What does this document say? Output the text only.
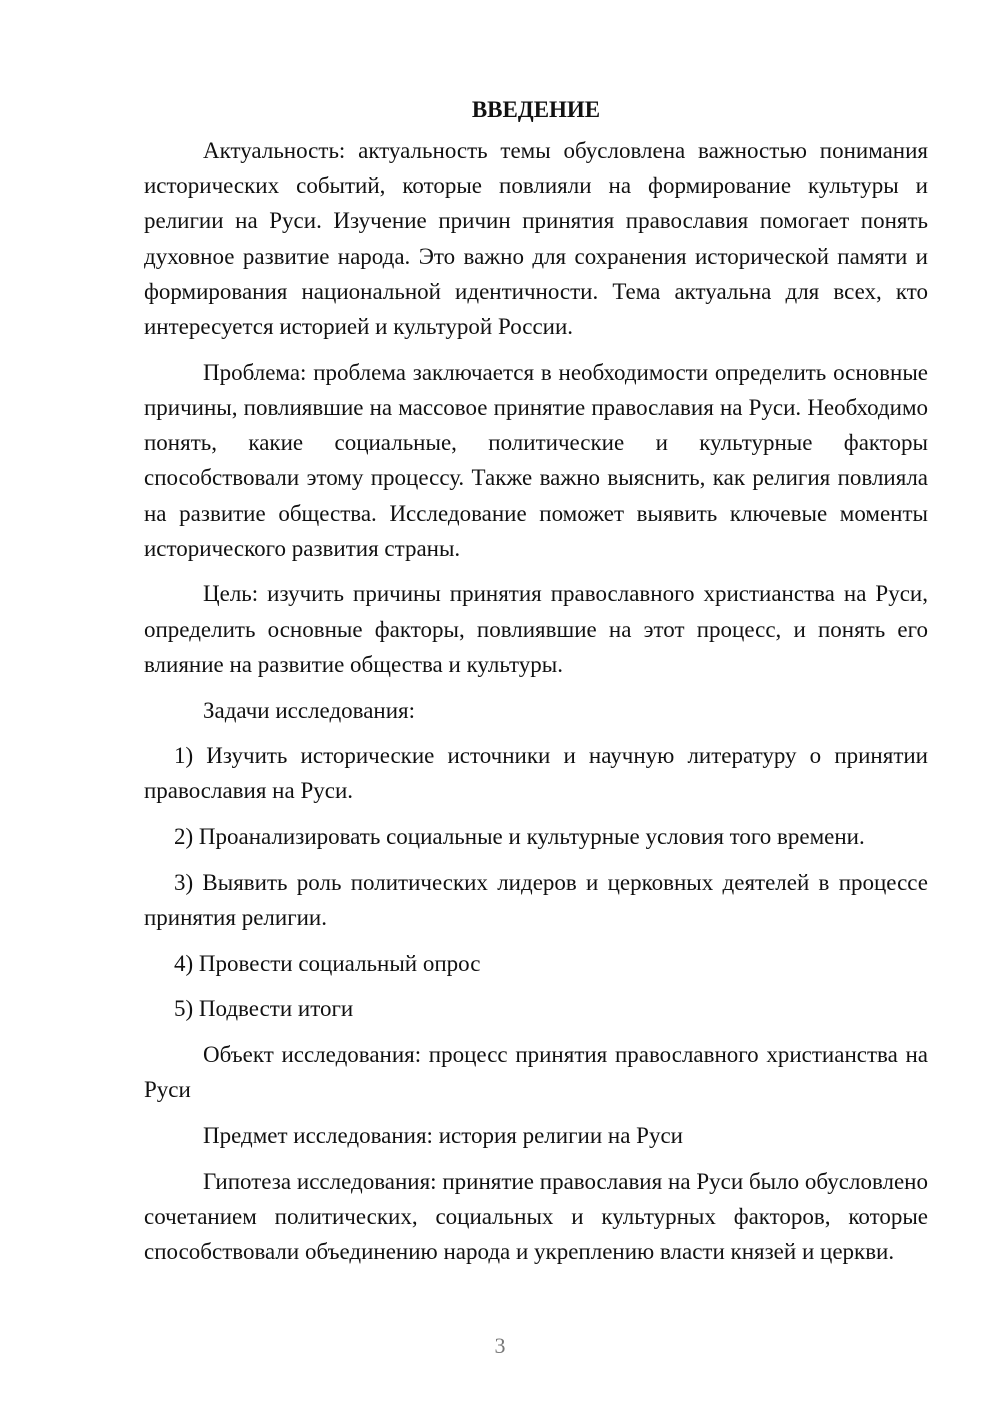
ВВЕДЕНИЕ

Актуальность: актуальность темы обусловлена важностью понимания исторических событий, которые повлияли на формирование культуры и религии на Руси. Изучение причин принятия православия помогает понять духовное развитие народа. Это важно для сохранения исторической памяти и формирования национальной идентичности. Тема актуальна для всех, кто интересуется историей и культурой России.

Проблема: проблема заключается в необходимости определить основные причины, повлиявшие на массовое принятие православия на Руси. Необходимо понять, какие социальные, политические и культурные факторы способствовали этому процессу. Также важно выяснить, как религия повлияла на развитие общества. Исследование поможет выявить ключевые моменты исторического развития страны.

Цель: изучить причины принятия православного христианства на Руси, определить основные факторы, повлиявшие на этот процесс, и понять его влияние на развитие общества и культуры.

Задачи исследования:

1) Изучить исторические источники и научную литературу о принятии православия на Руси.

2) Проанализировать социальные и культурные условия того времени.

3) Выявить роль политических лидеров и церковных деятелей в процессе принятия религии.

4) Провести социальный опрос

5) Подвести итоги

Объект исследования: процесс принятия православного христианства на Руси

Предмет исследования: история религии на Руси

Гипотеза исследования: принятие православия на Руси было обусловлено сочетанием политических, социальных и культурных факторов, которые способствовали объединению народа и укреплению власти князей и церкви.

3
